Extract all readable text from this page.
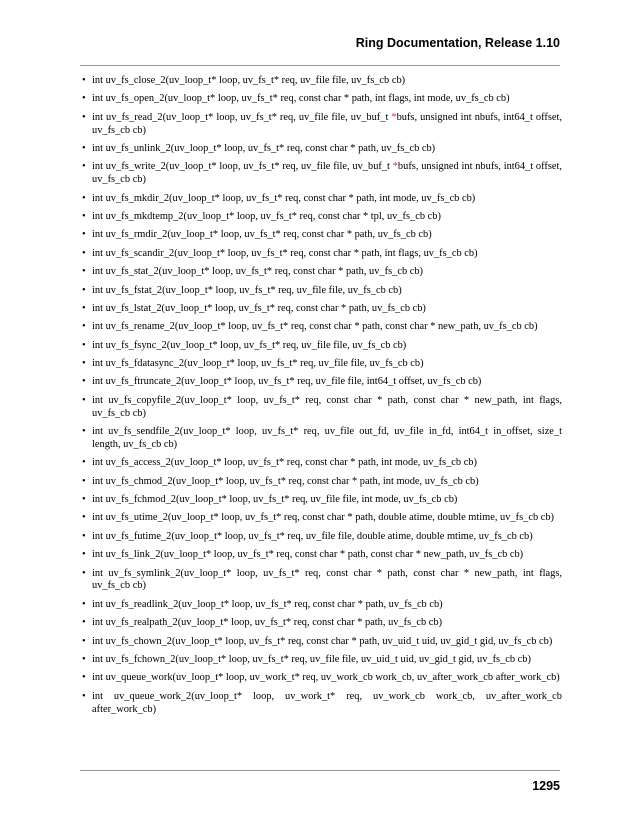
Ring Documentation, Release 1.10
• int uv_fs_close_2(uv_loop_t* loop, uv_fs_t* req, uv_file file, uv_fs_cb cb)
• int uv_fs_open_2(uv_loop_t* loop, uv_fs_t* req, const char * path, int flags, int mode, uv_fs_cb cb)
• int uv_fs_read_2(uv_loop_t* loop, uv_fs_t* req, uv_file file, uv_buf_t *bufs, unsigned int nbufs, int64_t offset, uv_fs_cb cb)
• int uv_fs_unlink_2(uv_loop_t* loop, uv_fs_t* req, const char * path, uv_fs_cb cb)
• int uv_fs_write_2(uv_loop_t* loop, uv_fs_t* req, uv_file file, uv_buf_t *bufs, unsigned int nbufs, int64_t offset, uv_fs_cb cb)
• int uv_fs_mkdir_2(uv_loop_t* loop, uv_fs_t* req, const char * path, int mode, uv_fs_cb cb)
• int uv_fs_mkdtemp_2(uv_loop_t* loop, uv_fs_t* req, const char * tpl, uv_fs_cb cb)
• int uv_fs_rmdir_2(uv_loop_t* loop, uv_fs_t* req, const char * path, uv_fs_cb cb)
• int uv_fs_scandir_2(uv_loop_t* loop, uv_fs_t* req, const char * path, int flags, uv_fs_cb cb)
• int uv_fs_stat_2(uv_loop_t* loop, uv_fs_t* req, const char * path, uv_fs_cb cb)
• int uv_fs_fstat_2(uv_loop_t* loop, uv_fs_t* req, uv_file file, uv_fs_cb cb)
• int uv_fs_lstat_2(uv_loop_t* loop, uv_fs_t* req, const char * path, uv_fs_cb cb)
• int uv_fs_rename_2(uv_loop_t* loop, uv_fs_t* req, const char * path, const char * new_path, uv_fs_cb cb)
• int uv_fs_fsync_2(uv_loop_t* loop, uv_fs_t* req, uv_file file, uv_fs_cb cb)
• int uv_fs_fdatasync_2(uv_loop_t* loop, uv_fs_t* req, uv_file file, uv_fs_cb cb)
• int uv_fs_ftruncate_2(uv_loop_t* loop, uv_fs_t* req, uv_file file, int64_t offset, uv_fs_cb cb)
• int uv_fs_copyfile_2(uv_loop_t* loop, uv_fs_t* req, const char * path, const char * new_path, int flags, uv_fs_cb cb)
• int uv_fs_sendfile_2(uv_loop_t* loop, uv_fs_t* req, uv_file out_fd, uv_file in_fd, int64_t in_offset, size_t length, uv_fs_cb cb)
• int uv_fs_access_2(uv_loop_t* loop, uv_fs_t* req, const char * path, int mode, uv_fs_cb cb)
• int uv_fs_chmod_2(uv_loop_t* loop, uv_fs_t* req, const char * path, int mode, uv_fs_cb cb)
• int uv_fs_fchmod_2(uv_loop_t* loop, uv_fs_t* req, uv_file file, int mode, uv_fs_cb cb)
• int uv_fs_utime_2(uv_loop_t* loop, uv_fs_t* req, const char * path, double atime, double mtime, uv_fs_cb cb)
• int uv_fs_futime_2(uv_loop_t* loop, uv_fs_t* req, uv_file file, double atime, double mtime, uv_fs_cb cb)
• int uv_fs_link_2(uv_loop_t* loop, uv_fs_t* req, const char * path, const char * new_path, uv_fs_cb cb)
• int uv_fs_symlink_2(uv_loop_t* loop, uv_fs_t* req, const char * path, const char * new_path, int flags, uv_fs_cb cb)
• int uv_fs_readlink_2(uv_loop_t* loop, uv_fs_t* req, const char * path, uv_fs_cb cb)
• int uv_fs_realpath_2(uv_loop_t* loop, uv_fs_t* req, const char * path, uv_fs_cb cb)
• int uv_fs_chown_2(uv_loop_t* loop, uv_fs_t* req, const char * path, uv_uid_t uid, uv_gid_t gid, uv_fs_cb cb)
• int uv_fs_fchown_2(uv_loop_t* loop, uv_fs_t* req, uv_file file, uv_uid_t uid, uv_gid_t gid, uv_fs_cb cb)
• int uv_queue_work(uv_loop_t* loop, uv_work_t* req, uv_work_cb work_cb, uv_after_work_cb after_work_cb)
• int uv_queue_work_2(uv_loop_t* loop, uv_work_t* req, uv_work_cb work_cb, uv_after_work_cb after_work_cb)
1295
